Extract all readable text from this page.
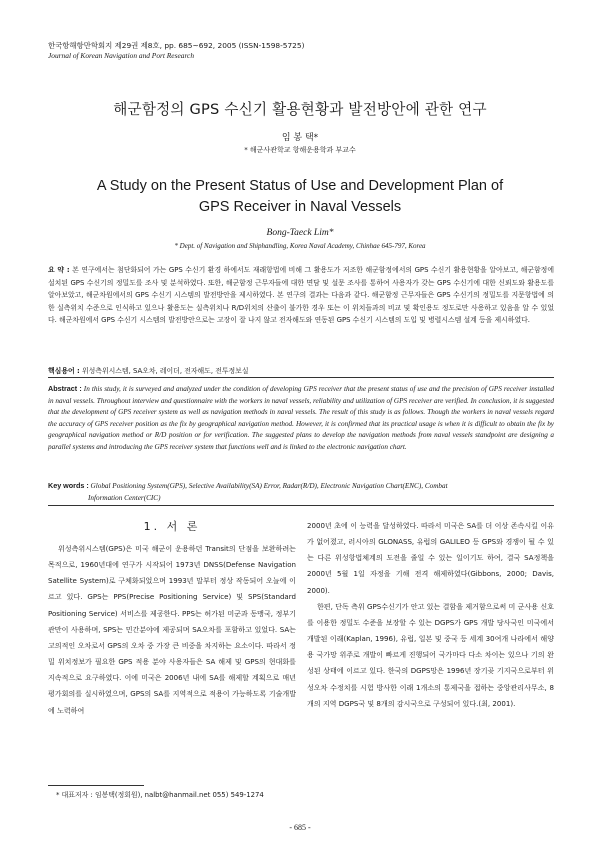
한국항해항만학회지 제29권 제8호, pp. 685~692, 2005 (ISSN-1598-5725)
Journal of Korean Navigation and Port Research
해군함정의 GPS 수신기 활용현황과 발전방안에 관한 연구
임 봉 택*
* 해군사관학교 항해운용학과 부교수
A Study on the Present Status of Use and Development Plan of
GPS Receiver in Naval Vessels
Bong-Taeck Lim*
* Dept. of Navigation and Shiphandling, Korea Naval Academy, Chinhae 645-797, Korea
요 약 : 본 연구에서는 첨단화되어 가는 GPS 수신기 환경 하에서도 재래항법에 비해 그 활용도가 저조한 해군함정에서의 GPS 수신기 활용현황을 알아보고, 해군함정에 설치된 GPS 수신기의 정밀도를 조사 및 분석하였다. 또한, 해군함정 근무자들에 대한 면담 및 설문 조사를 통하여 사용자가 갖는 GPS 수신기에 대한 신뢰도와 활용도를 알아보았고, 해군차원에서의 GPS 수신기 시스템의 발전방안을 제시하였다. 본 연구의 결과는 다음과 같다. 해군함정 근무자들은 GPS 수신기의 정밀도를 지문항법에 의한 실측위치 수준으로 인식하고 있으나 활용도는 실측위치나 R/D위치의 산출이 불가한 경우 또는 이 위치들과의 비교 및 확인용도 정도로만 사용하고 있음을 알 수 있었다. 해군차원에서 GPS 수신기 시스템의 발전방안으로는 고장이 잘 나지 않고 전자해도와 연동된 GPS 수신기 시스템의 도입 및 병렬시스템 설계 등을 제시하였다.
핵심용어 : 위성측위시스템, SA오차, 레이더, 전자해도, 전투정보실
Abstract : In this study, it is surveyed and analyzed under the condition of developing GPS receiver that the present status of use and the precision of GPS receiver installed in naval vessels. Throughout interview and questionnaire with the workers in naval vessels, reliability and utilization of GPS receiver are verified. In conclusion, it is suggested that the development of GPS receiver system as well as navigation methods in naval vessels. The result of this study is as follows. Though the workers in naval vessels regard the accuracy of GPS receiver position as the fix by geographical navigation method. However, it is confirmed that its practical usage is when it is difficult to obtain the fix by geographical navigation method or R/D position or for verification. The suggested plans to develop the navigation methods from naval vessels standpoint are designing a parallel systems and introducing the GPS receiver system that functions well and is linked to the electronic navigation chart.
Key words : Global Positioning System(GPS), Selective Availability(SA) Error, Radar(R/D), Electronic Navigation Chart(ENC), Combat
Information Center(CIC)
1. 서 론
위성측위시스템(GPS)은 미국 해군이 운용하던 Transit의 단점을 보완하려는 목적으로, 1960년대에 연구가 시작되어 1973년 DNSS(Defense Navigation Satellite System)로 구체화되었으며 1993년 말부터 정상 작동되어 오늘에 이르고 있다. GPS는 PPS(Precise Positioning Service) 및 SPS(Standard Positioning Service) 서비스를 제공한다. PPS는 허가된 미군과 동맹국, 정부기관만이 사용하며, SPS는 민간분야에 제공되며 SA오차를 포함하고 있었다. SA는 고의적인 오차로서 GPS의 오차 중 가장 큰 비중을 차지하는 요소이다. 따라서 정밀 위치정보가 필요한 GPS 적용 분야 사용자들은 SA 해제 및 GPS의 현대화를 지속적으로 요구하였다. 이에 미국은 2006년 내에 SA를 해제할 계획으로 매년 평가회의를 실시하였으며, GPS의 SA를 지역적으로 적용이 가능하도록 기술개발에 노력하여

2000년 초에 이 능력을 달성하였다. 따라서 미국은 SA를 더 이상 존속시킬 이유가 없어졌고, 러시아의 GLONASS, 유럽의 GALILEO 등 GPS와 경쟁이 될 수 있는 다른 위성항법체계의 도전을 줄일 수 있는 일이기도 하여, 결국 SA정책을 2000년 5월 1일 자정을 기해 전격 해제하였다(Gibbons, 2000; Davis, 2000).

한편, 단독 측위 GPS수신기가 안고 있는 결함을 제거함으로써 미 군사용 신호를 이용한 정밀도 수준을 보장할 수 있는 DGPS가 GPS 개발 당사국인 미국에서 개발된 이래(Kaplan, 1996), 유럽, 일본 및 중국 등 세계 30여개 나라에서 해양용 국가망 위주로 개발이 빠르게 진행되어 국가마다 다소 차이는 있으나 기의 완성된 상태에 이르고 있다. 한국의 DGPS망은 1996년 장기곶 기지국으로부터 위성오차 수정치를 시험 방사한 이래 1개소의 통제국을 접하는 중앙관리사무소, 8개의 지역 DGPS국 및 8개의 감시국으로 구성되어 있다.(최, 2001).

* 대표저자 : 임봉택(정회원), nalbt@hanmail.net 055) 549-1274
- 685 -
